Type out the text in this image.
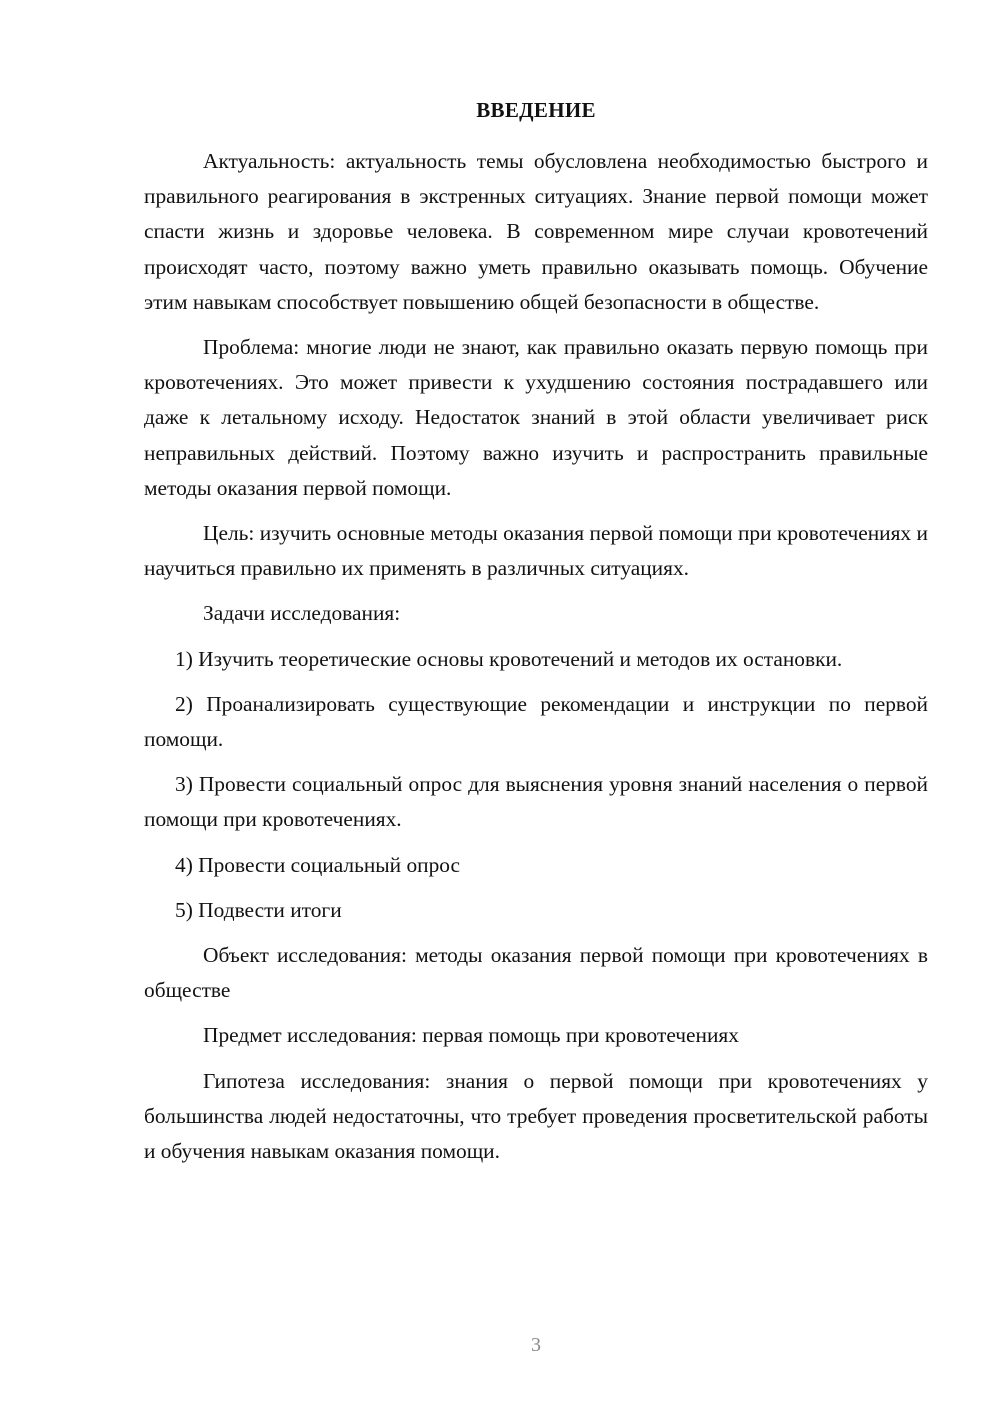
ВВЕДЕНИЕ

Актуальность: актуальность темы обусловлена необходимостью быстрого и правильного реагирования в экстренных ситуациях. Знание первой помощи может спасти жизнь и здоровье человека. В современном мире случаи кровотечений происходят часто, поэтому важно уметь правильно оказывать помощь. Обучение этим навыкам способствует повышению общей безопасности в обществе.

Проблема: многие люди не знают, как правильно оказать первую помощь при кровотечениях. Это может привести к ухудшению состояния пострадавшего или даже к летальному исходу. Недостаток знаний в этой области увеличивает риск неправильных действий. Поэтому важно изучить и распространить правильные методы оказания первой помощи.

Цель: изучить основные методы оказания первой помощи при кровотечениях и научиться правильно их применять в различных ситуациях.

Задачи исследования:

1) Изучить теоретические основы кровотечений и методов их остановки.

2) Проанализировать существующие рекомендации и инструкции по первой помощи.

3) Провести социальный опрос для выяснения уровня знаний населения о первой помощи при кровотечениях.

4) Провести социальный опрос

5) Подвести итоги

Объект исследования: методы оказания первой помощи при кровотечениях в обществе

Предмет исследования: первая помощь при кровотечениях

Гипотеза исследования: знания о первой помощи при кровотечениях у большинства людей недостаточны, что требует проведения просветительской работы и обучения навыкам оказания помощи.

3
